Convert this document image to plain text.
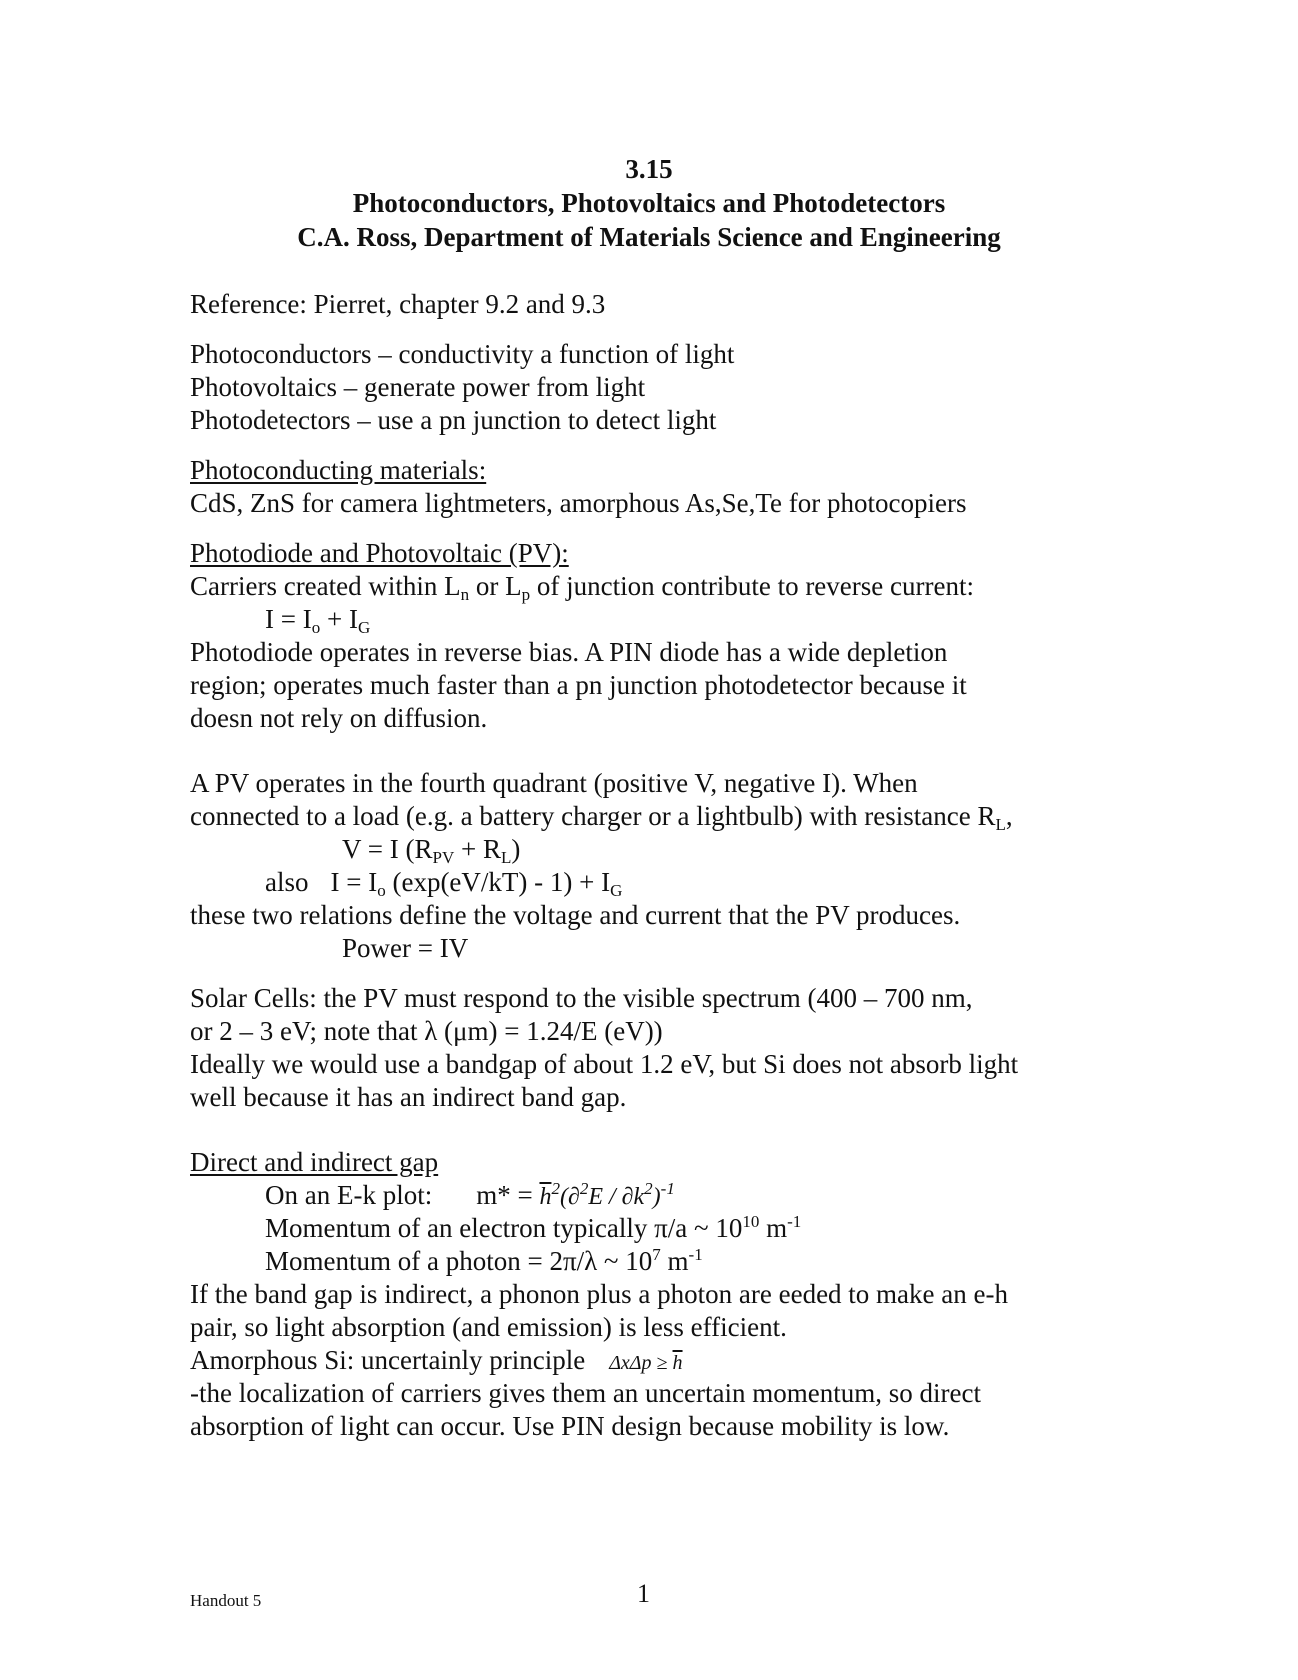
3.15
Photoconductors, Photovoltaics and Photodetectors
C.A. Ross, Department of Materials Science and Engineering
Reference: Pierret, chapter 9.2 and 9.3
Photoconductors – conductivity a function of light
Photovoltaics – generate power from light
Photodetectors – use a pn junction to detect light
Photoconducting materials:
CdS, ZnS for camera lightmeters, amorphous As,Se,Te for photocopiers
Photodiode and Photovoltaic (PV):
Carriers created within $L_n$ or $L_p$ of junction contribute to reverse current:
$I = I_o + I_G$
Photodiode operates in reverse bias. A PIN diode has a wide depletion
region; operates much faster than a pn junction photodetector because it
doesn not rely on diffusion.
A PV operates in the fourth quadrant (positive V, negative I). When
connected to a load (e.g. a battery charger or a lightbulb) with resistance $R_L$,
V = I $(R_{PV} + R_L)$
also $I = I_o$ $(\exp(eV/kT) - 1) + I_G$
these two relations define the voltage and current that the PV produces.
Power = IV
Solar Cells: the PV must respond to the visible spectrum (400 – 700 nm,
or 2 – 3 eV; note that λ (μm) = 1.24/E (eV))
Ideally we would use a bandgap of about 1.2 eV, but Si does not absorb light
well because it has an indirect band gap.
Direct and indirect gap
On an E-k plot: $m* = \overline{h}^2(\partial^2E / \partial k^2)^{-1}$
Momentum of an electron typically π/a ~ $10^{10}$ $m^{-1}$
Momentum of a photon = 2π/λ ~ $10^7$ $m^{-1}$
If the band gap is indirect, a phonon plus a photon are eeded to make an e-h
pair, so light absorption (and emission) is less efficient.
Amorphous Si: uncertainly principle $\Delta x\Delta p \ge \overline{h}$
-the localization of carriers gives them an uncertain momentum, so direct
absorption of light can occur. Use PIN design because mobility is low.
Handout 5	1
